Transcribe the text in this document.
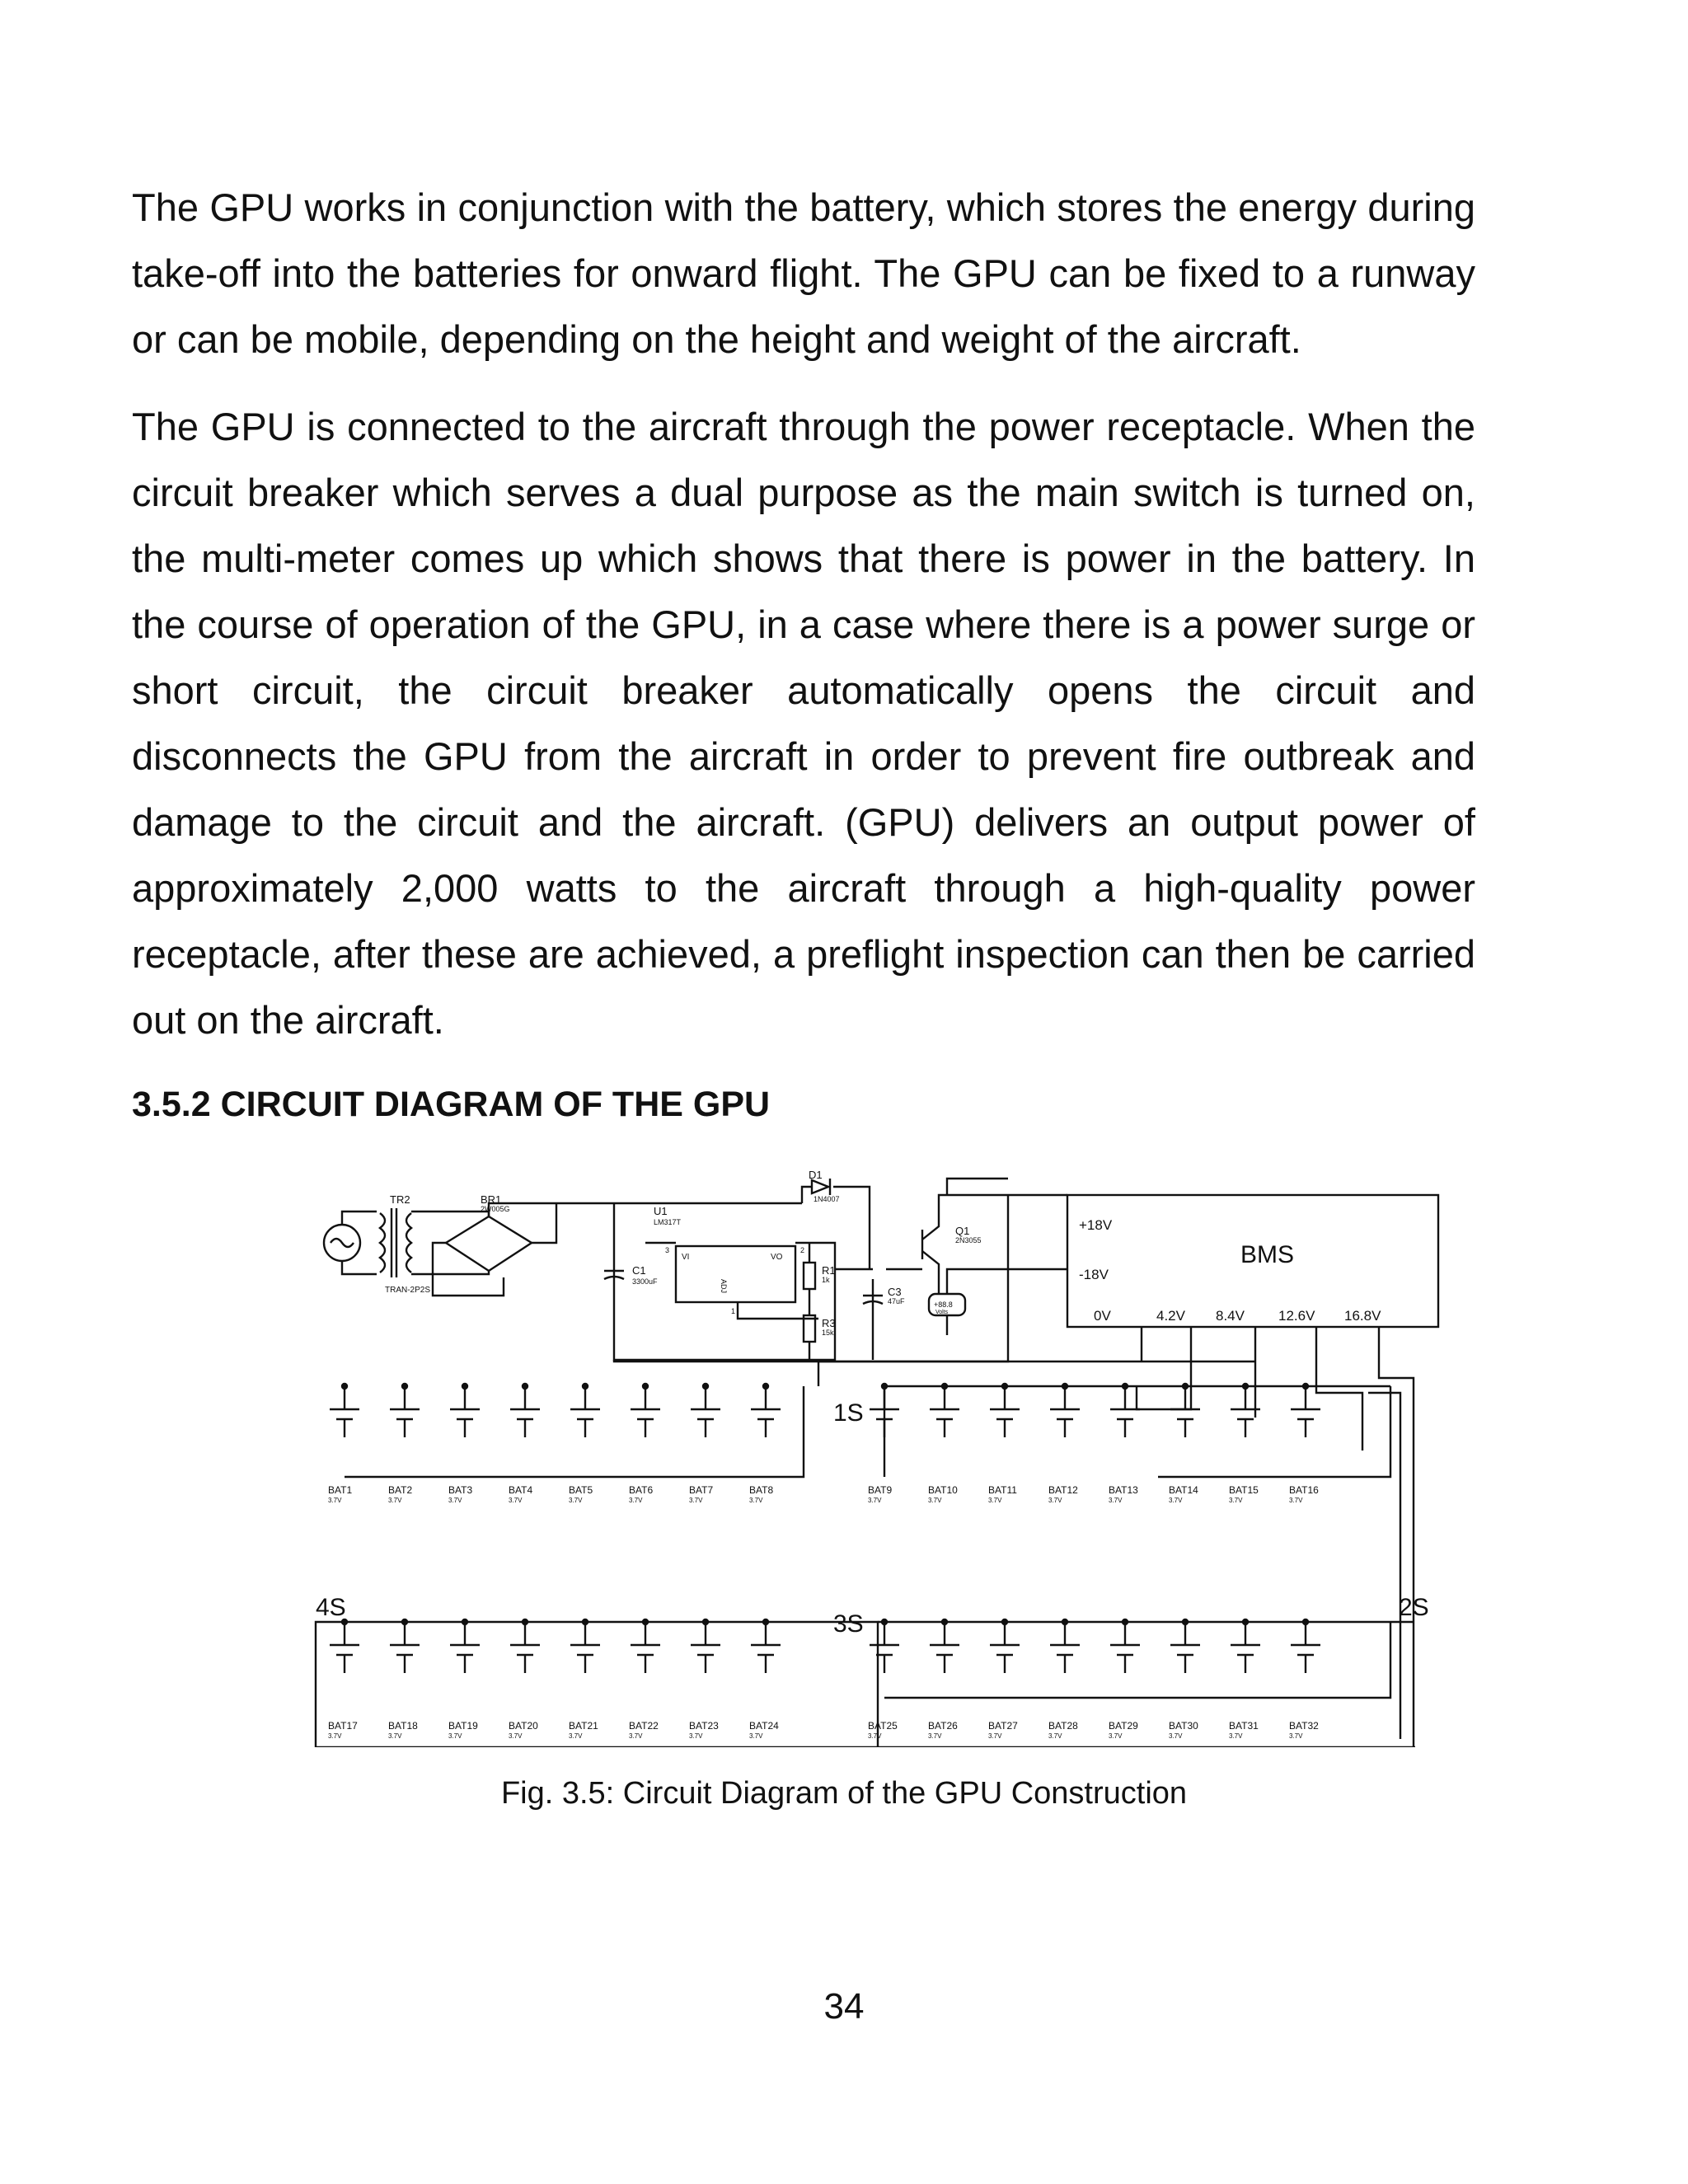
The GPU works in conjunction with the battery, which stores the energy during take-off into the batteries for onward flight. The GPU can be fixed to a runway or can be mobile, depending on the height and weight of the aircraft.

The GPU is connected to the aircraft through the power receptacle. When the circuit breaker which serves a dual purpose as the main switch is turned on, the multi-meter comes up which shows that there is power in the battery. In the course of operation of the GPU, in a case where there is a power surge or short circuit, the circuit breaker automatically opens the circuit and disconnects the GPU from the aircraft in order to prevent fire outbreak and damage to the circuit and the aircraft. (GPU) delivers an output power of approximately 2,000 watts to the aircraft through a high-quality power receptacle, after these are achieved, a preflight inspection can then be carried out on the aircraft.

3.5.2 CIRCUIT DIAGRAM OF THE GPU
TR2
TRAN-2P2S
BR1
2W005G	U1
LM317T
VI	VO
ADJ
3	2
1
D1
1N4007
C1
3300uF
R1
1k
R3
15k
C3
47uF
Q1
2N3055
+88.8
Volts
+18V
-18V
BMS
0V	4.2V 8.4V 12.6V 16.8V
1S
2S
3S
4S
BAT1
3.7V
BAT2
3.7V
BAT3
3.7V
BAT4
3.7V
BAT5
3.7V
BAT6
3.7V
BAT7
3.7V
BAT8
3.7V
BAT9
3.7V
BAT10
3.7V
BAT11
3.7V
BAT12
3.7V
BAT13
3.7V
BAT14
3.7V
BAT15
3.7V
BAT16
3.7V
BAT17
3.7V
BAT18
3.7V
BAT19
3.7V
BAT20
3.7V
BAT21
3.7V
BAT22
3.7V
BAT23
3.7V
BAT24
3.7V
BAT25
3.7V
BAT26
3.7V
BAT27
3.7V
BAT28
3.7V
BAT29
3.7V
BAT30
3.7V
BAT31
3.7V
BAT32
3.7V

Fig. 3.5: Circuit Diagram of the GPU Construction

34
